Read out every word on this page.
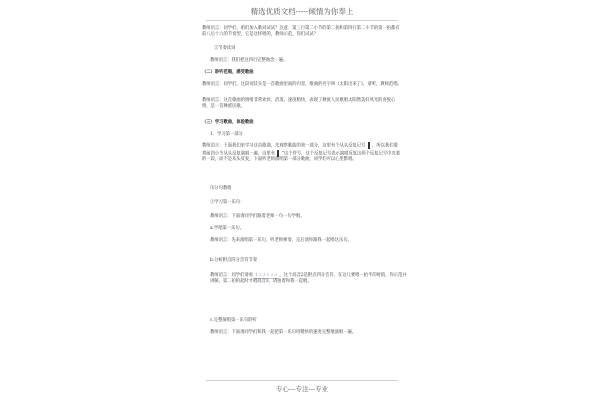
精选优质文档-----倾情为你奉上
教师语言：同学们，咱们加入歌词试试？注意：第三行第二小节的第二拍和第四行第二小节的第一拍都有前八后十六的节奏型，它是这样唱的，教师示范，你们试试？
②节奏读词
教师语言：我们把这四行完整地念一遍。
（二）聆听范唱，感受歌曲
教师语言：同学们，这段词其实是一首歌曲里面的内容，歌曲的名字叫《太阳出来了》，请听，教师范唱。
教师语言：这首歌曲的情绪非常欢快、活泼，速度稍快，表现了彝族人民歌唱太阳然美好风光的喜悦心情，是一首彝族民歌。
（三）学习歌曲，体验歌曲
1、学习第一部分
教师语言：下面我们来学习这首歌曲，先观察歌曲的第一部分，这里有个从头反复记号 ，所以我们要将前四小节从头反复演唱一遍，这里有 ”这个符号，这个反复记号表示演唱反复这两个反复记号中夹着的一段，而不是从头反复，下面听老师演唱第一部分歌曲，同学们可以心里默唱。
⑴分句教唱
①学习第一乐句：
教师语言：下面请同学们跟着老师一句一句学唱。
a.学唱第一乐句。
教师语言：先来演唱第一乐句，听老师弹奏，完后请你跟我一起唱这乐句。
b.分析附点四分音符节奏
教师语言：同学们请看 1 2 3 1 2 3 ，这个高音2是附点四分音符，在这儿要唱一拍半的时值，你示范并讲解，第二拍的起时才唱高音3，请拍着和我一起唱。
c.完整演唱第一乐句聆听
教师语言：下面请同学们和我一起把第一乐句用稍快的速度完整地演唱一遍。
专心---专注---专业
